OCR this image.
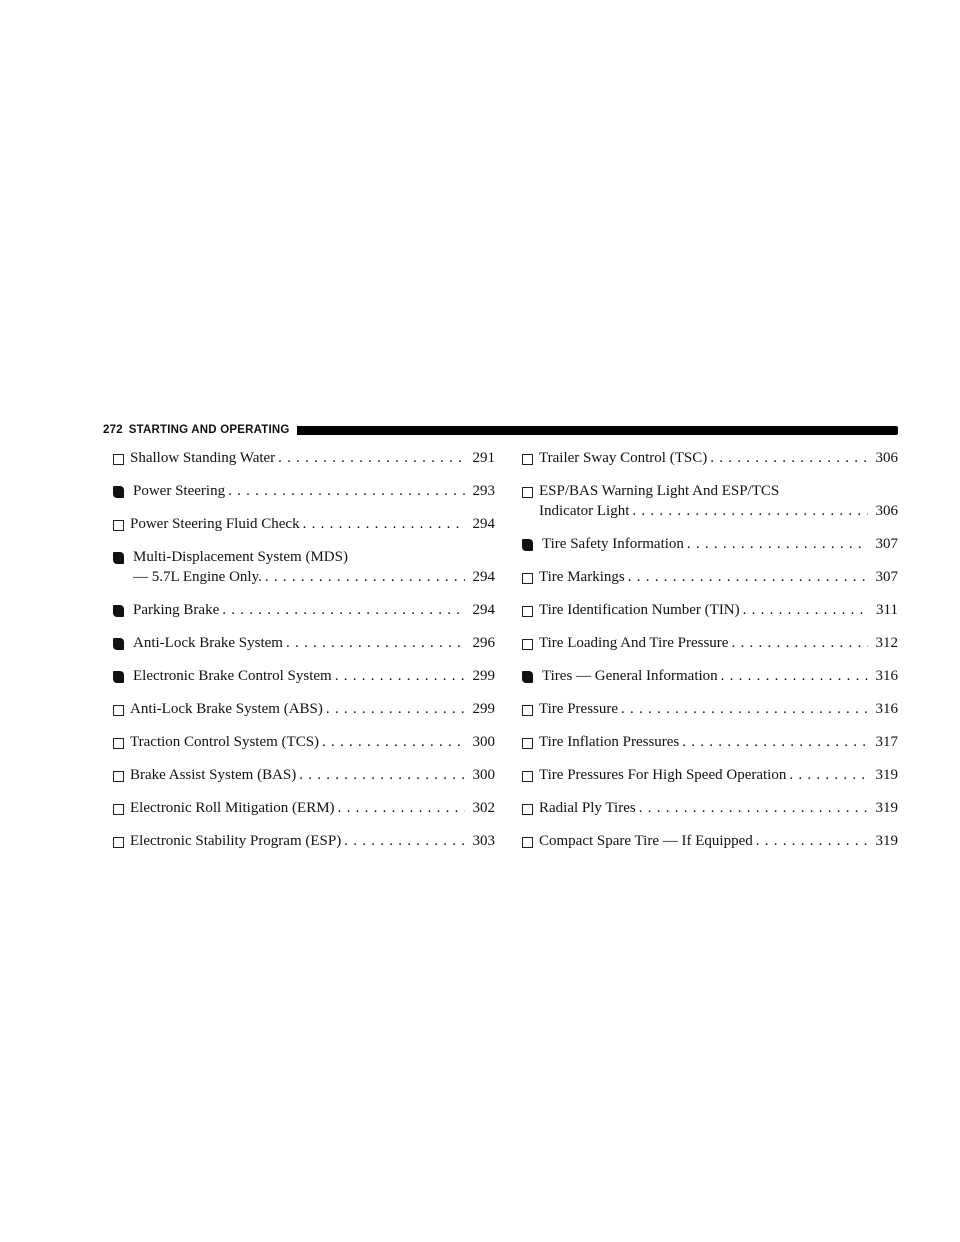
272 STARTING AND OPERATING
Shallow Standing Water . . .	291
Power Steering . . .	293
Power Steering Fluid Check . . .	294
Multi-Displacement System (MDS)
— 5.7L Engine Only. . . .	294
Parking Brake . . .	294
Anti-Lock Brake System . . .	296
Electronic Brake Control System . . .	299
Anti-Lock Brake System (ABS) . . .	299
Traction Control System (TCS) . . .	300
Brake Assist System (BAS) . . .	300
Electronic Roll Mitigation (ERM) . . .	302
Electronic Stability Program (ESP) . . .	303
Trailer Sway Control (TSC) . . .	306
ESP/BAS Warning Light And ESP/TCS
Indicator Light . . .	306
Tire Safety Information . . .	307
Tire Markings . . .	307
Tire Identification Number (TIN) . . .	311
Tire Loading And Tire Pressure . . .	312
Tires — General Information . . .	316
Tire Pressure . . .	316
Tire Inflation Pressures . . .	317
Tire Pressures For High Speed Operation . . .	319
Radial Ply Tires . . .	319
Compact Spare Tire — If Equipped . . .	319
